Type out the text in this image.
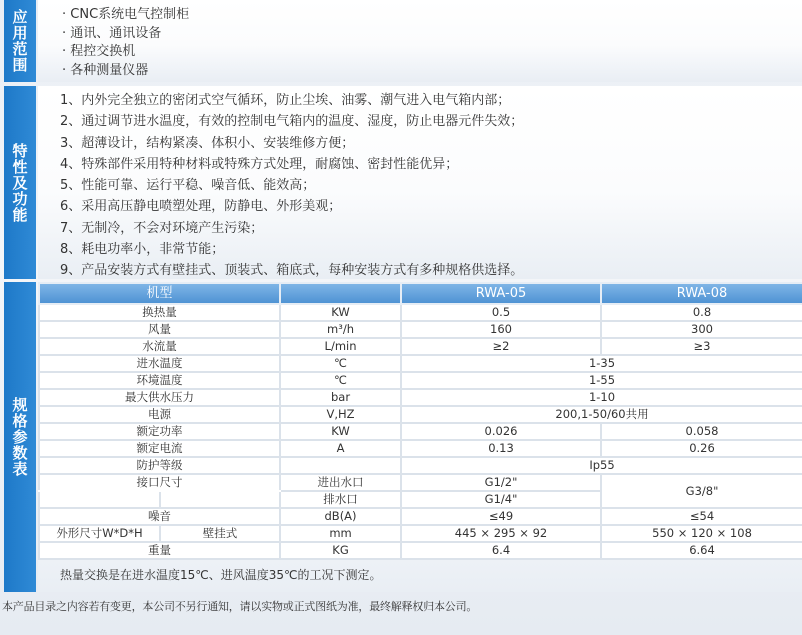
应用范围	· CNC系统电气控制柜
· 通讯、通讯设备
· 程控交换机
· 各种测量仪器
特性及功能
1、内外完全独立的密闭式空气循环，防止尘埃、油雾、潮气进入电气箱内部；
2、通过调节进水温度，有效的控制电气箱内的温度、湿度，防止电器元件失效；
3、超薄设计，结构紧凑、体积小、安装维修方便；
4、特殊部件采用特种材料或特殊方式处理，耐腐蚀、密封性能优异；
5、性能可靠、运行平稳、噪音低、能效高；
6、采用高压静电喷塑处理，防静电、外形美观；
7、无制冷，不会对环境产生污染；
8、耗电功率小，非常节能；
9、产品安装方式有壁挂式、顶装式、箱底式，每种安装方式有多种规格供选择。
规格参数表
机型			RWA-05	RWA-08
换热量		KW	0.5	0.8
风量		m³/h	160	300
水流量		L/min	≥2	≥3
进水温度		℃	1-35	
环境温度		℃	1-55	
最大供水压力		bar	1-10	
电源		V,HZ	200,1-50/60共用	
额定功率		KW	0.026	0.058
额定电流		A	0.13	0.26
防护等级			Ip55	
接口尺寸		进出水口	G1/2"	G3/8"
		排水口	G1/4"	
噪音		dB(A)	≤49	≤54
外形尺寸W*D*H	壁挂式	mm	445 × 295 × 92	550 × 120 × 108
重量		KG	6.4	6.64
热量交换是在进水温度15℃、进风温度35℃的工况下测定。
本产品目录之内容若有变更，本公司不另行通知，请以实物或正式图纸为准，最终解释权归本公司。
